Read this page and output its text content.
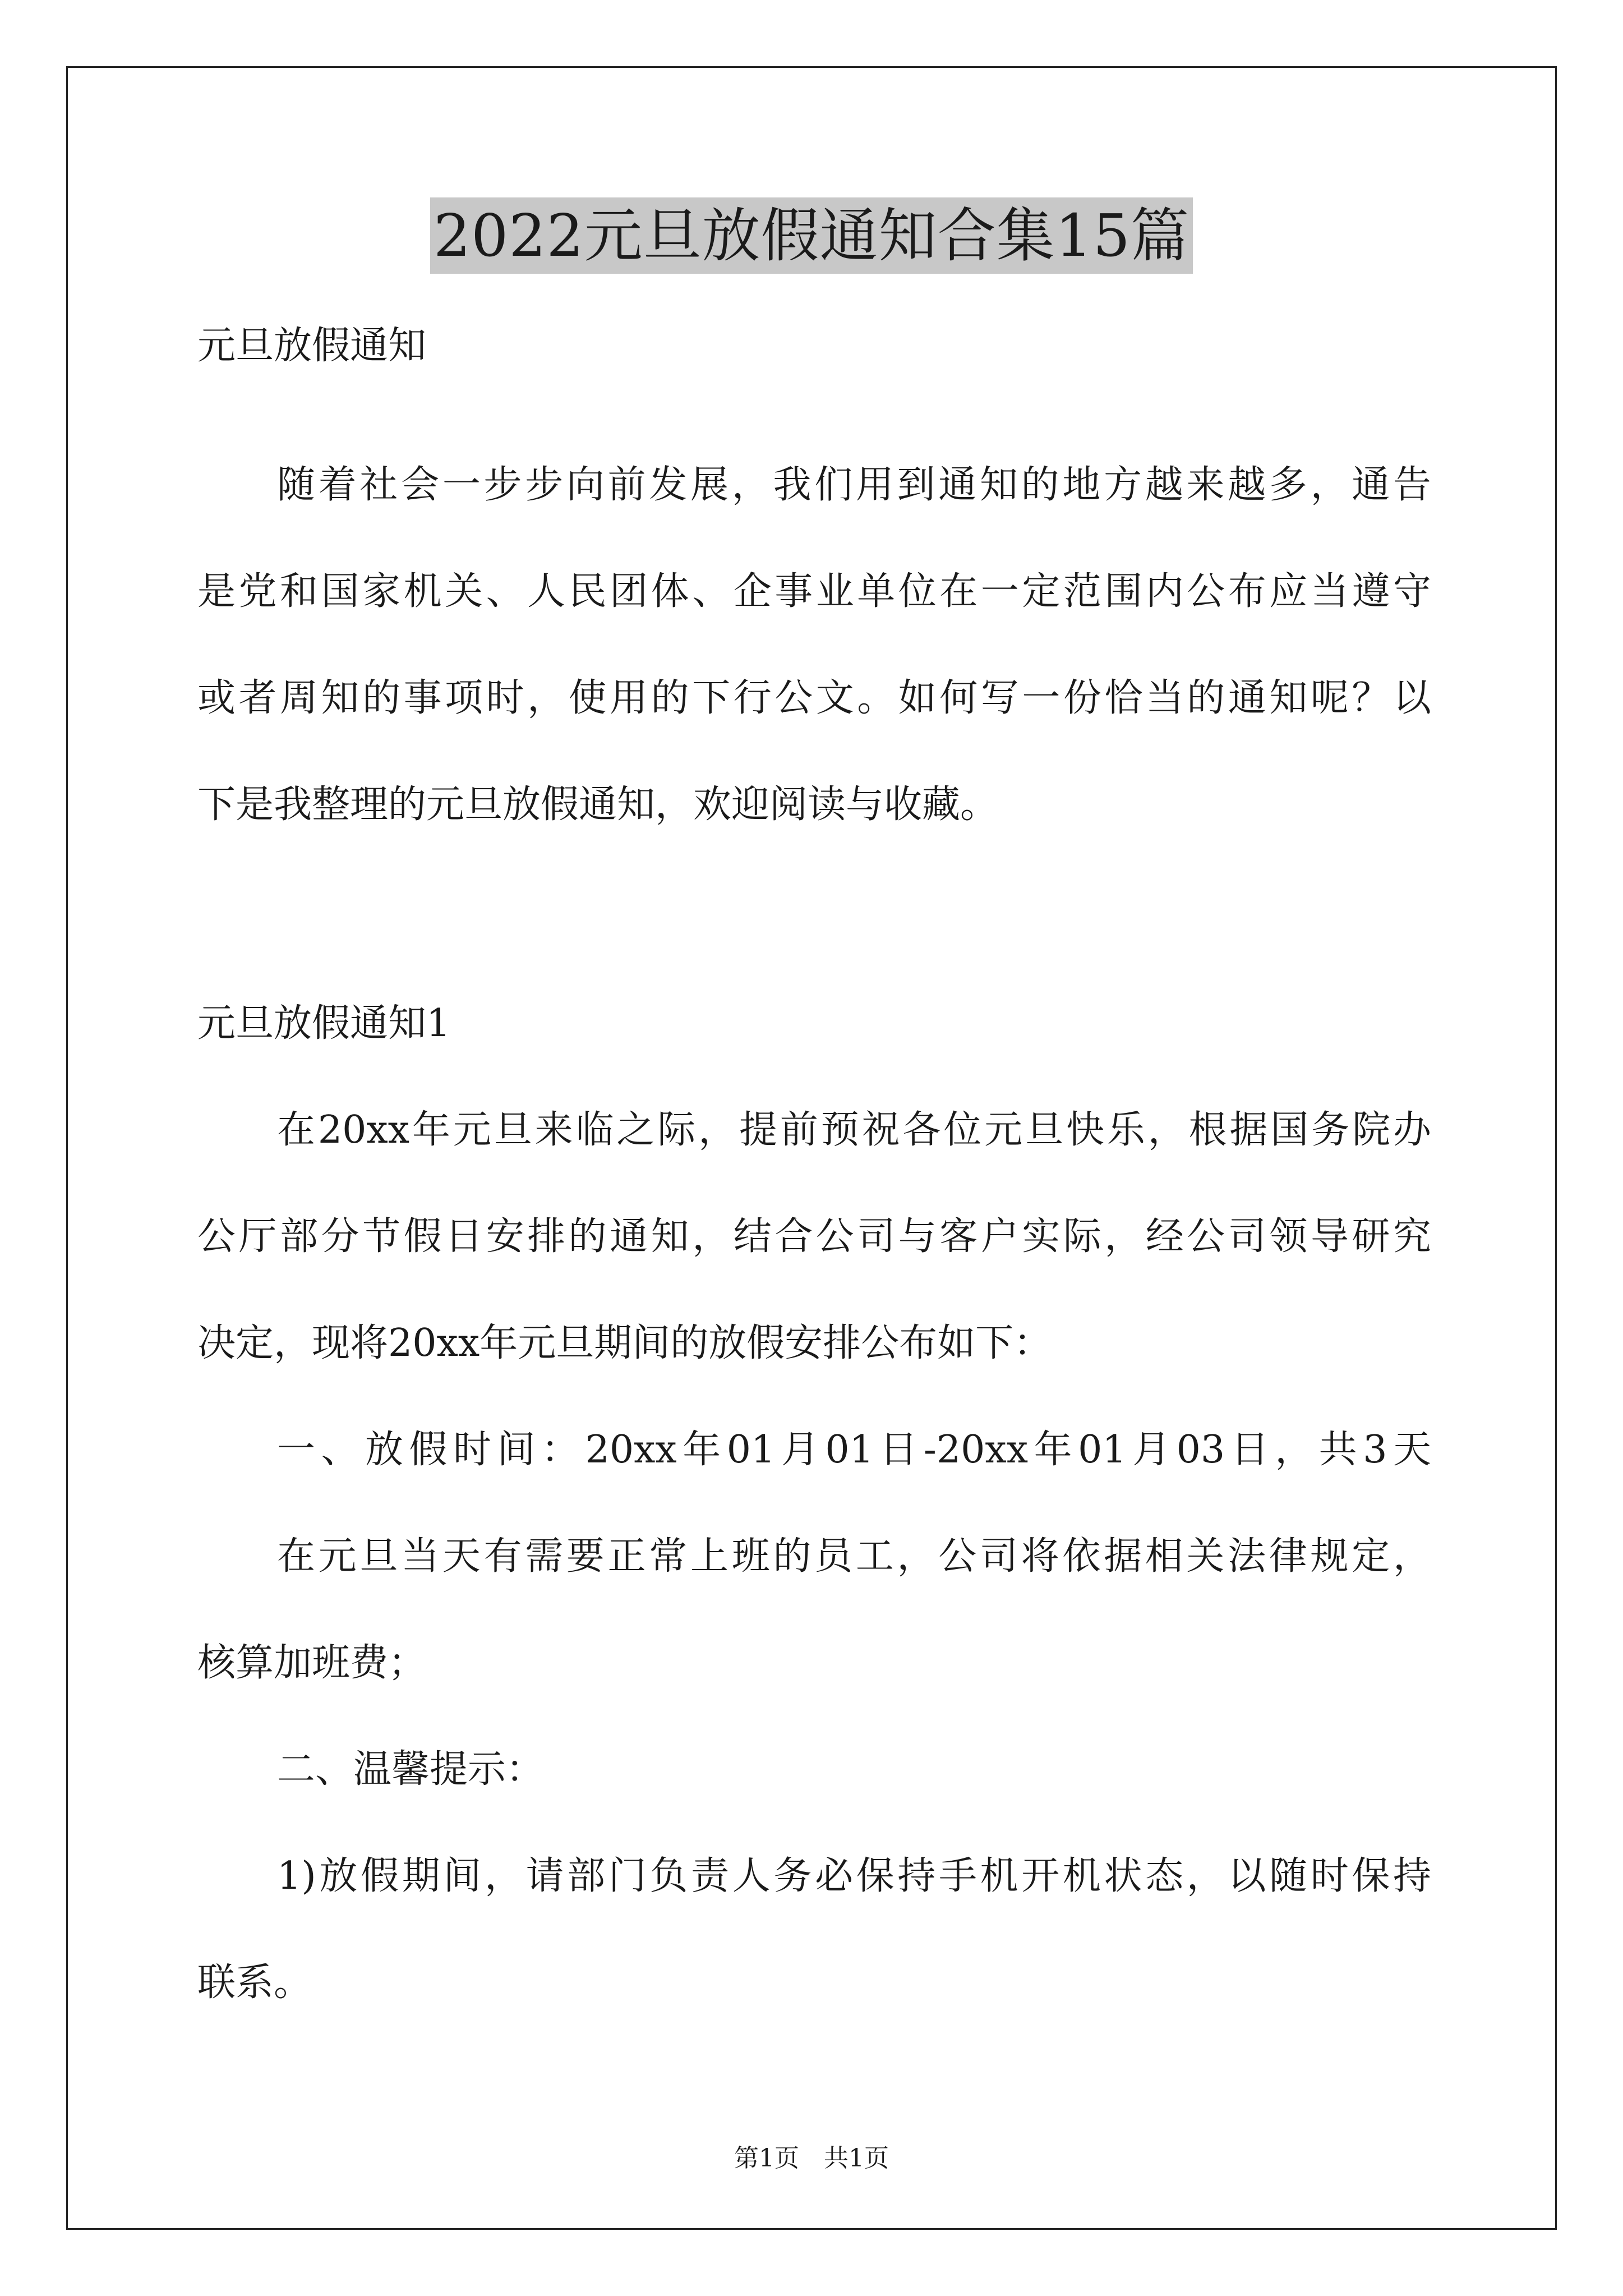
2022元旦放假通知合集15篇
元旦放假通知
随着社会一步步向前发展，我们用到通知的地方越来越多，通告
是党和国家机关、人民团体、企事业单位在一定范围内公布应当遵守
或者周知的事项时，使用的下行公文。如何写一份恰当的通知呢？以
下是我整理的元旦放假通知，欢迎阅读与收藏。
元旦放假通知1
在20xx年元旦来临之际，提前预祝各位元旦快乐，根据国务院办
公厅部分节假日安排的通知，结合公司与客户实际，经公司领导研究
决定，现将20xx年元旦期间的放假安排公布如下：
一、放假时间：20xx年01月01日-20xx年01月03日，共3天
在元旦当天有需要正常上班的员工，公司将依据相关法律规定，
核算加班费；
二、温馨提示：
1)放假期间，请部门负责人务必保持手机开机状态，以随时保持
联系。
第1页　共1页
